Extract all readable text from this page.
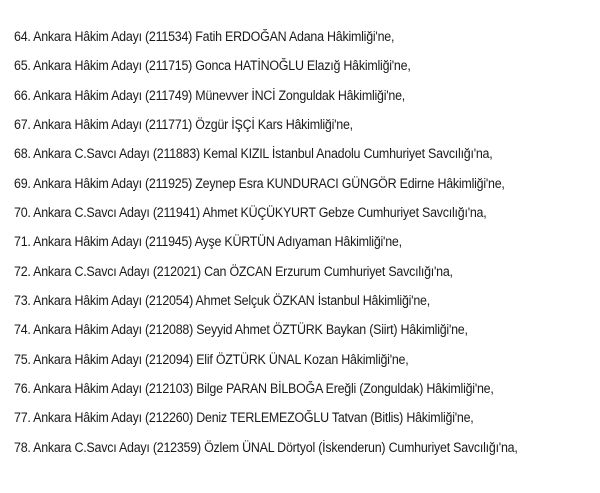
64. Ankara Hâkim Adayı (211534) Fatih ERDOĞAN Adana Hâkimliği'ne,
65. Ankara Hâkim Adayı (211715) Gonca HATİNOĞLU Elazığ Hâkimliği'ne,
66. Ankara Hâkim Adayı (211749) Münevver İNCİ Zonguldak Hâkimliği'ne,
67. Ankara Hâkim Adayı (211771) Özgür İŞÇİ Kars Hâkimliği'ne,
68. Ankara C.Savcı Adayı (211883) Kemal KIZIL İstanbul Anadolu Cumhuriyet Savcılığı'na,
69. Ankara Hâkim Adayı (211925) Zeynep Esra KUNDURACI GÜNGÖR Edirne Hâkimliği'ne,
70. Ankara C.Savcı Adayı (211941) Ahmet KÜÇÜKYURT Gebze Cumhuriyet Savcılığı'na,
71. Ankara Hâkim Adayı (211945) Ayşe KÜRTÜN Adıyaman Hâkimliği'ne,
72. Ankara C.Savcı Adayı (212021) Can ÖZCAN Erzurum Cumhuriyet Savcılığı'na,
73. Ankara Hâkim Adayı (212054) Ahmet Selçuk ÖZKAN İstanbul Hâkimliği'ne,
74. Ankara Hâkim Adayı (212088) Seyyid Ahmet ÖZTÜRK Baykan (Siirt) Hâkimliği'ne,
75. Ankara Hâkim Adayı (212094) Elif ÖZTÜRK ÜNAL Kozan Hâkimliği'ne,
76. Ankara Hâkim Adayı (212103) Bilge PARAN BİLBOĞA Ereğli (Zonguldak) Hâkimliği'ne,
77. Ankara Hâkim Adayı (212260) Deniz TERLEMEZOĞLU Tatvan (Bitlis) Hâkimliği'ne,
78. Ankara C.Savcı Adayı (212359) Özlem ÜNAL Dörtyol (İskenderun) Cumhuriyet Savcılığı'na,
